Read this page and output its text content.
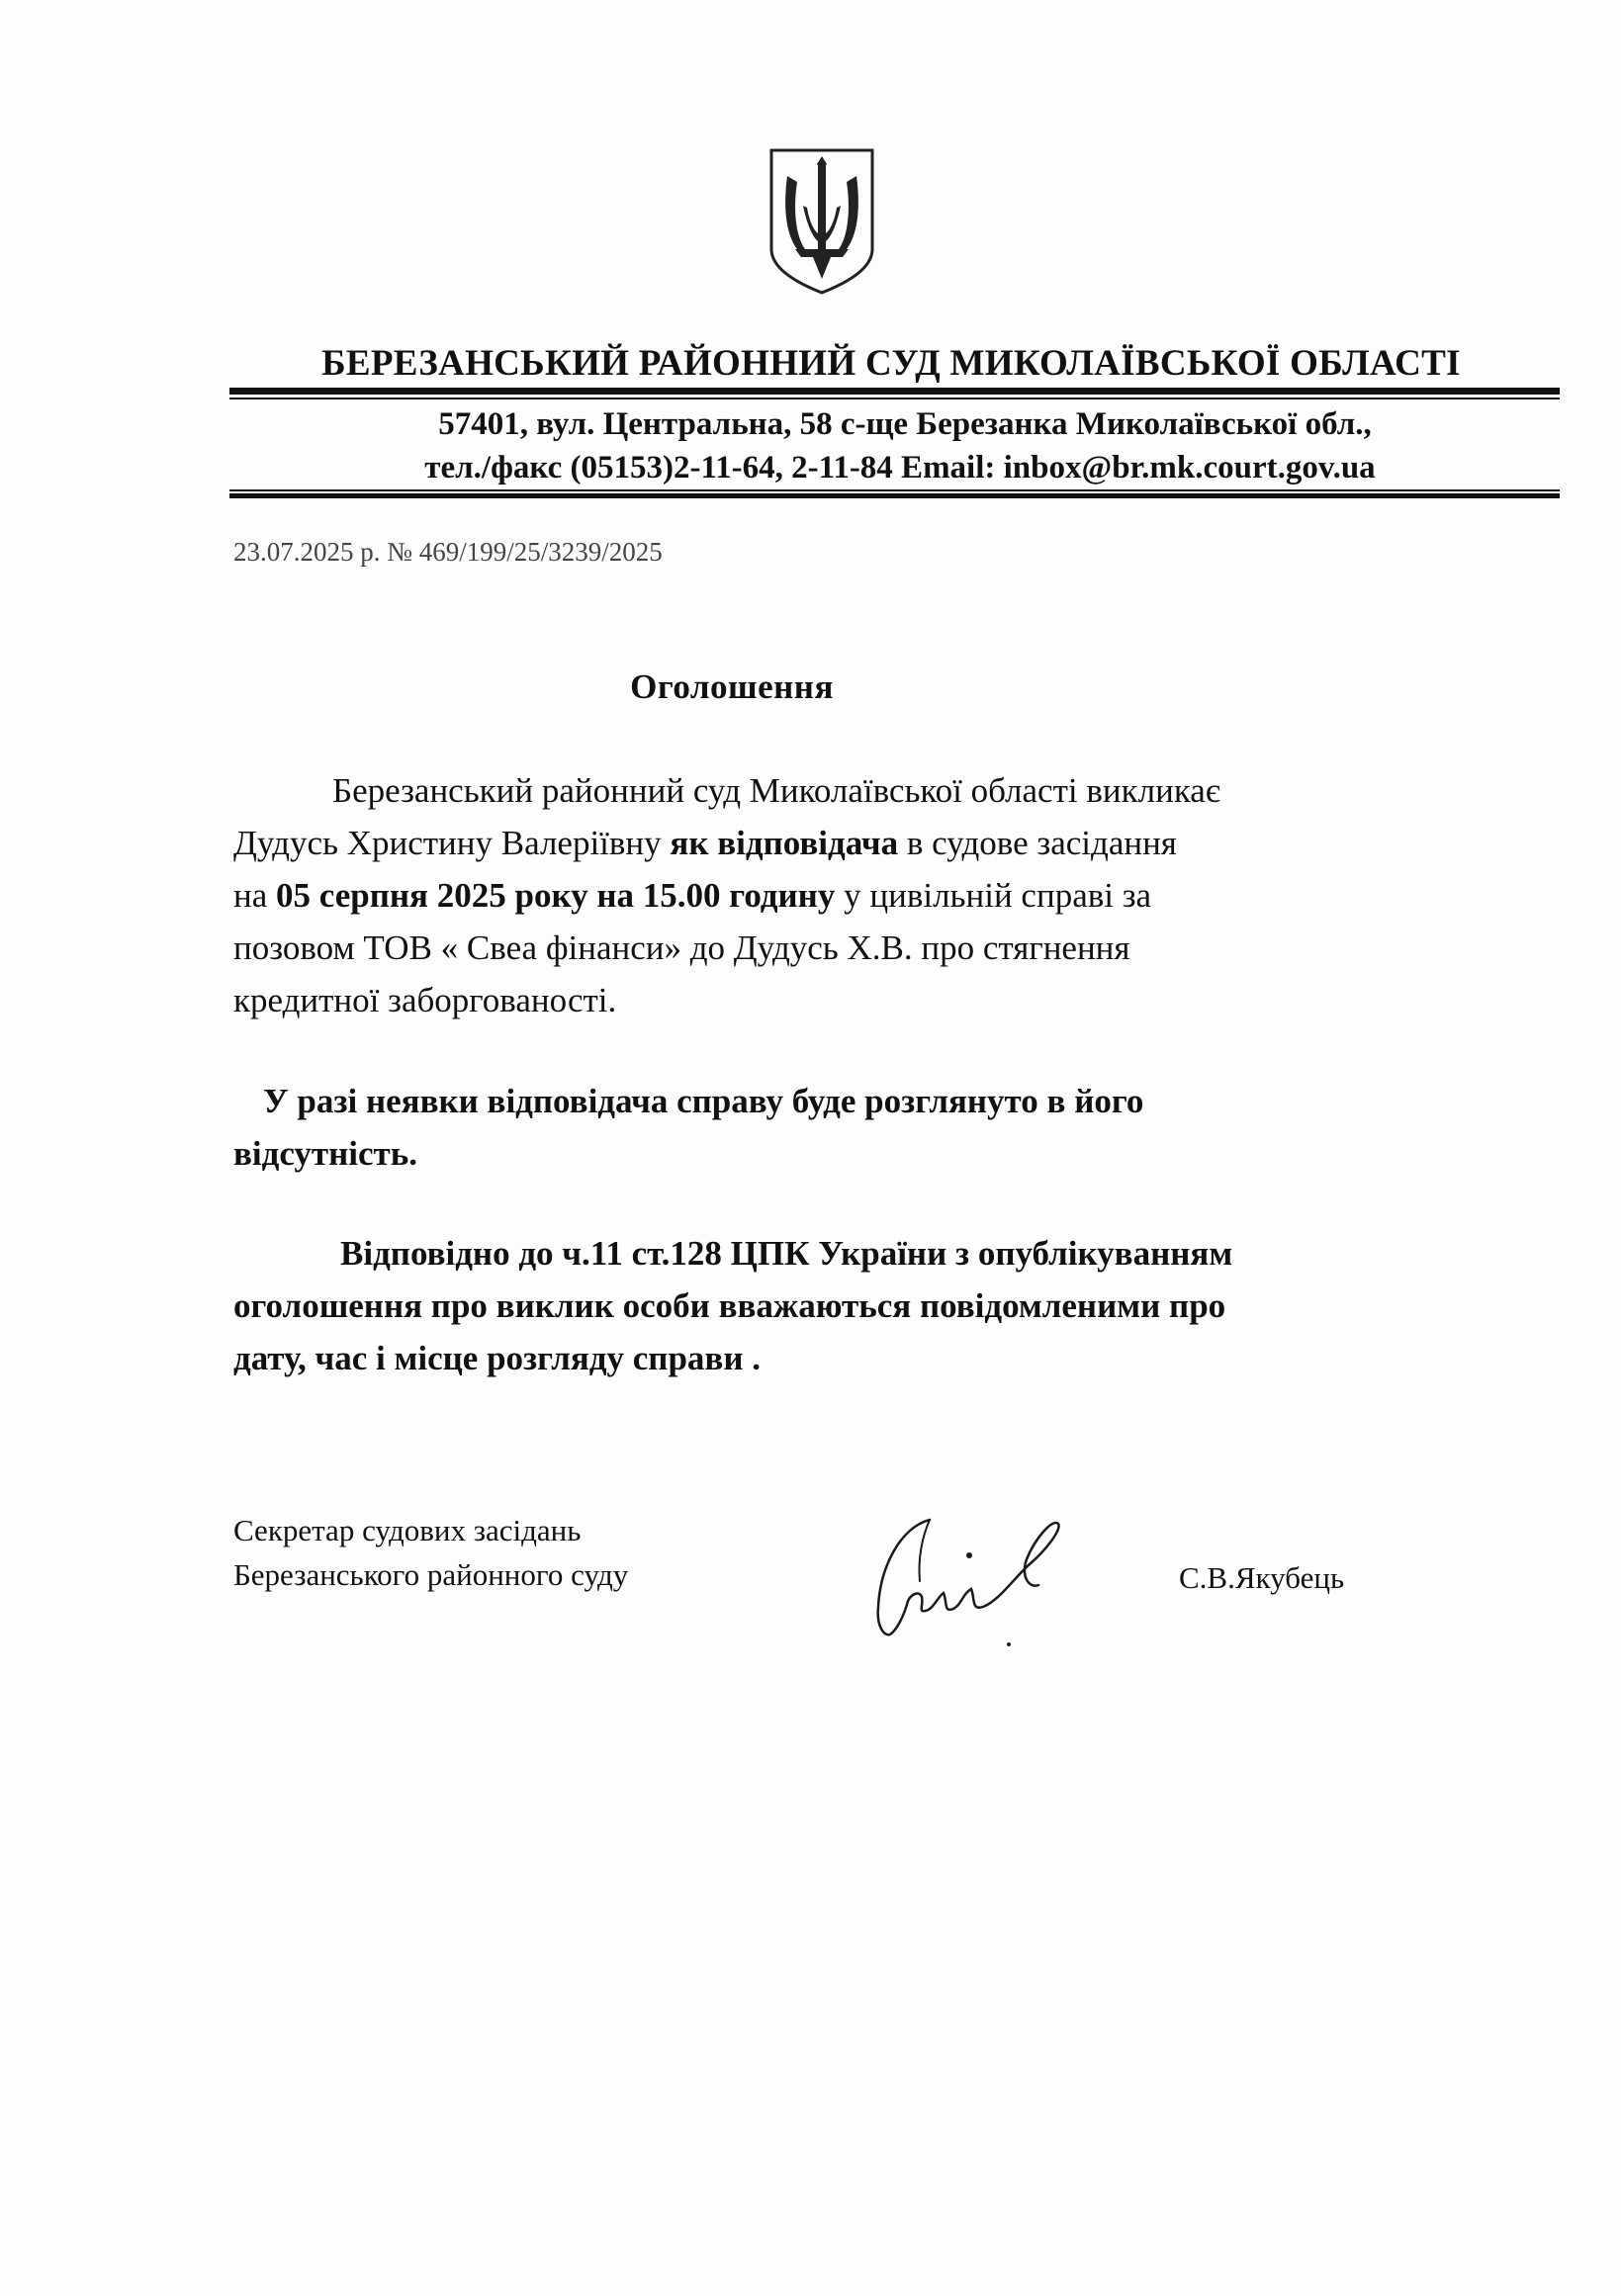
БЕРЕЗАНСЬКИЙ РАЙОННИЙ СУД МИКОЛАЇВСЬКОЇ ОБЛАСТІ
57401, вул. Центральна, 58 с-ще Березанка Миколаївської обл.,
тел./факс (05153)2-11-64, 2-11-84 Email: inbox@br.mk.court.gov.ua
23.07.2025 р. № 469/199/25/3239/2025
Оголошення
Березанський районний суд Миколаївської області викликає
Дудусь Христину Валеріївну як відповідача в судове засідання
на 05 серпня 2025 року на 15.00 годину у цивільній справі за
позовом ТОВ « Свеа фінанси» до Дудусь Х.В. про стягнення
кредитної заборгованості.
У разі неявки відповідача справу буде розглянуто в його
відсутність.
Відповідно до ч.11 ст.128 ЦПК України з опублікуванням
оголошення про виклик особи вважаються повідомленими про
дату, час і місце розгляду справи .
Секретар судових засідань
Березанського районного суду	С.В.Якубець
